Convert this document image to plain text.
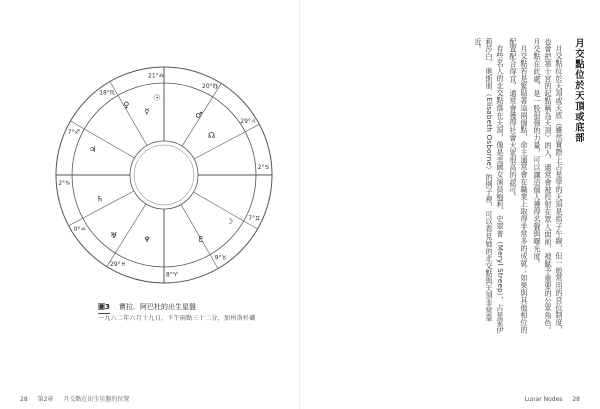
2°♑
0°♒
29°♓
8°♈
9°♉
7°♊
2°♋
29°♌
20°♍
21°♎
18°♏
7°♐
☉
☿
♀
♂
♃
♄
♅	♆	♇
☽
☊
圖3 寶拉．阿巴杜的出生星盤
一九六二年六月十九日，下午兩點三十二分，加州洛杉磯
28 第2章 月交點在出生星盤的位置

月交點位於天頂或底部

月交點位於天頂或天底（雖然實際上占星學的天頂是指子午線，但一般常用的宮位制度，也會把第十宮的起點稱為天頂）的人，通常會被投射在眾人面前，被賦予重要的公眾角色。月交點在此處，是一股很強的力量，可以讓這個人獲得名聲與曝光度。

月交點若是緊貼著這兩個點，命主通常會在職業上取得非常多的成就；如果與其他相位的配置配合得宜，通常會獲得社會大眾很高的認可。

有些名人的北交點落在天頂，像是美國女演員梅莉．史翠普（Meryl Streep），占星家伊莉莎白．奧斯朋（Elisabeth Osborne）的例子裡，可以看見她的北交點與天頂非常靠近。

Lunar Nodes 28
